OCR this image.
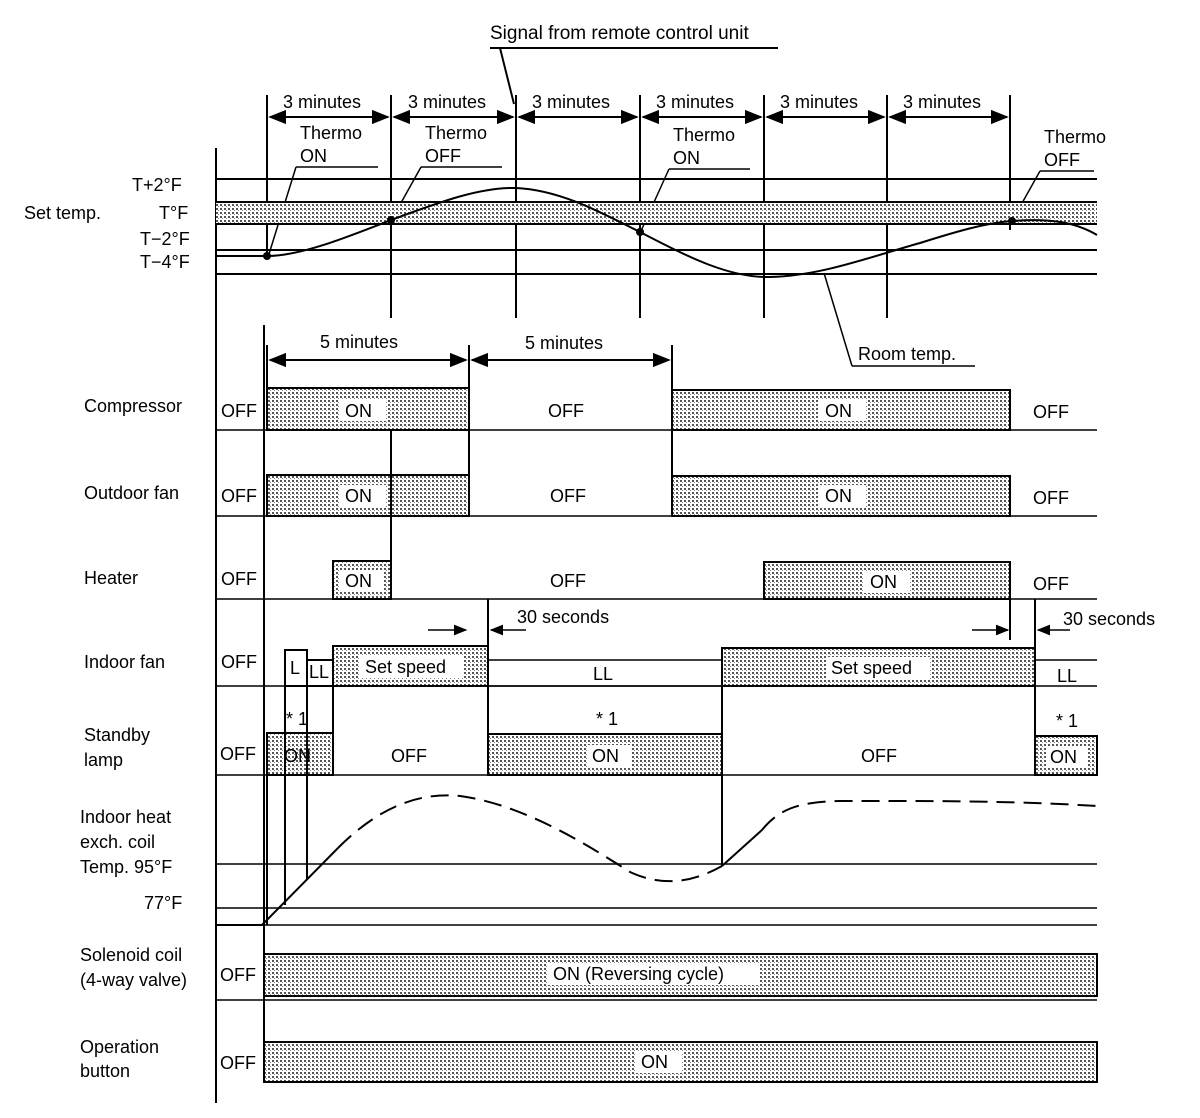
Signal from remote control unit
3 minutes	3 minutes	3 minutes	3 minutes	3 minutes 3 minutes
Thermo
ON
Thermo
OFF
Thermo
ON
Thermo
OFF
Set temp.
T+2°F
T°F
T−2°F
T−4°F
Room temp.
5 minutes	5 minutes
Compressor OFF	ON	OFF	ON	OFF
Outdoor fan OFF	ON	OFF	ON	OFF
Heater	OFF	ON	OFF	ON	OFF
Indoor fan
30 seconds	30 seconds
OFF L LL Set speed	LL	Set speed	LL
Standby
lamp	OFF ON	OFF	ON	OFF	ON
* 1	* 1	* 1
Indoor heat
exch. coil
Temp. 95°F
77°F
Solenoid coil
(4-way valve) OFF	ON (Reversing cycle)
Operation
button	OFF	ON
